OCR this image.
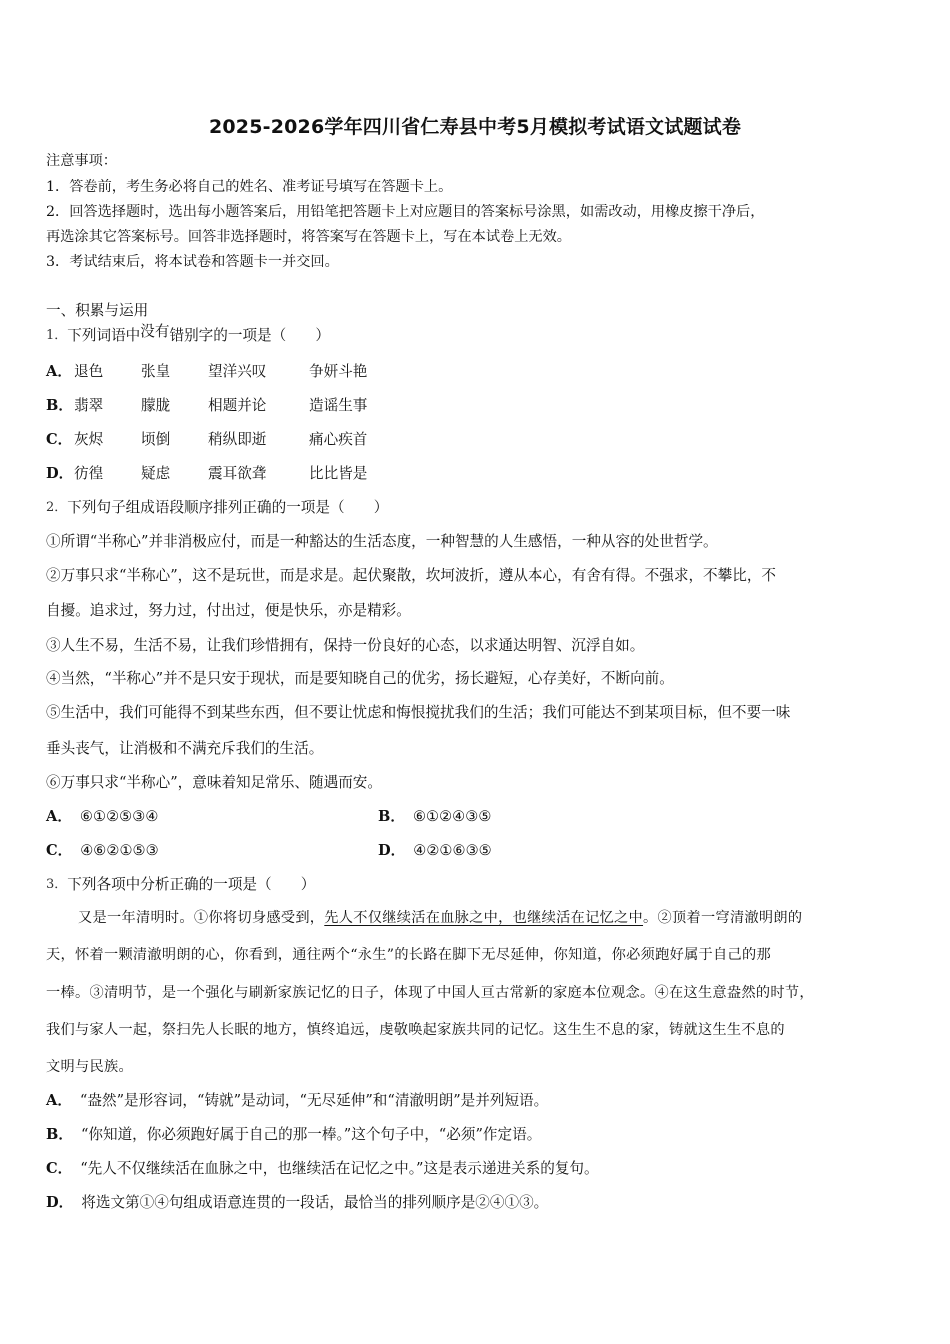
2025-2026学年四川省仁寿县中考5月模拟考试语文试题试卷
注意事项：
1．答卷前，考生务必将自己的姓名、准考证号填写在答题卡上。
2．回答选择题时，选出每小题答案后，用铅笔把答题卡上对应题目的答案标号涂黑，如需改动，用橡皮擦干净后，
再选涂其它答案标号。回答非选择题时，将答案写在答题卡上，写在本试卷上无效。
3．考试结束后，将本试卷和答题卡一并交回。
一、积累与运用
1．下列词语中没有错别字的一项是（　　）
A． 退色	张皇	望洋兴叹	争妍斗艳
B． 翡翠	朦胧	相题并论	造谣生事
C． 灰烬	顷倒	稍纵即逝	痛心疾首
D． 彷徨	疑虑	震耳欲聋	比比皆是
2．下列句子组成语段顺序排列正确的一项是（　　）
①所谓“半称心”并非消极应付，而是一种豁达的生活态度，一种智慧的人生感悟，一种从容的处世哲学。
②万事只求“半称心”，这不是玩世，而是求是。起伏聚散，坎坷波折，遵从本心，有舍有得。不强求，不攀比，不
自擾。追求过，努力过，付出过，便是快乐，亦是精彩。
③人生不易，生活不易，让我们珍惜拥有，保持一份良好的心态，以求通达明智、沉浮自如。
④当然，“半称心”并不是只安于现状，而是要知晓自己的优劣，扬长避短，心存美好，不断向前。
⑤生活中，我们可能得不到某些东西，但不要让忧虑和悔恨搅扰我们的生活；我们可能达不到某项目标，但不要一味
垂头丧气，让消极和不满充斥我们的生活。
⑥万事只求“半称心”，意味着知足常乐、随遇而安。
A． ⑥①②⑤③④	B． ⑥①②④③⑤
C． ④⑥②①⑤③	D． ④②①⑥③⑤
3．下列各项中分析正确的一项是（　　）
又是一年清明时。①你将切身感受到，先人不仅继续活在血脉之中，也继续活在记忆之中。②顶着一穹清澈明朗的
天，怀着一颗清澈明朗的心，你看到，通往两个“永生”的长路在脚下无尽延伸，你知道，你必须跑好属于自己的那
一棒。③清明节，是一个强化与刷新家族记忆的日子，体现了中国人亘古常新的家庭本位观念。④在这生意盎然的时节，
我们与家人一起，祭扫先人长眠的地方，慎终追远，虔敬唤起家族共同的记忆。这生生不息的家，铸就这生生不息的
文明与民族。
A． “盎然”是形容词，“铸就”是动词，“无尽延伸”和“清澈明朗”是并列短语。
B． “你知道，你必须跑好属于自己的那一棒。”这个句子中，“必须”作定语。
C． “先人不仅继续活在血脉之中，也继续活在记忆之中。”这是表示递进关系的复句。
D． 将选文第①④句组成语意连贯的一段话，最恰当的排列顺序是②④①③。
